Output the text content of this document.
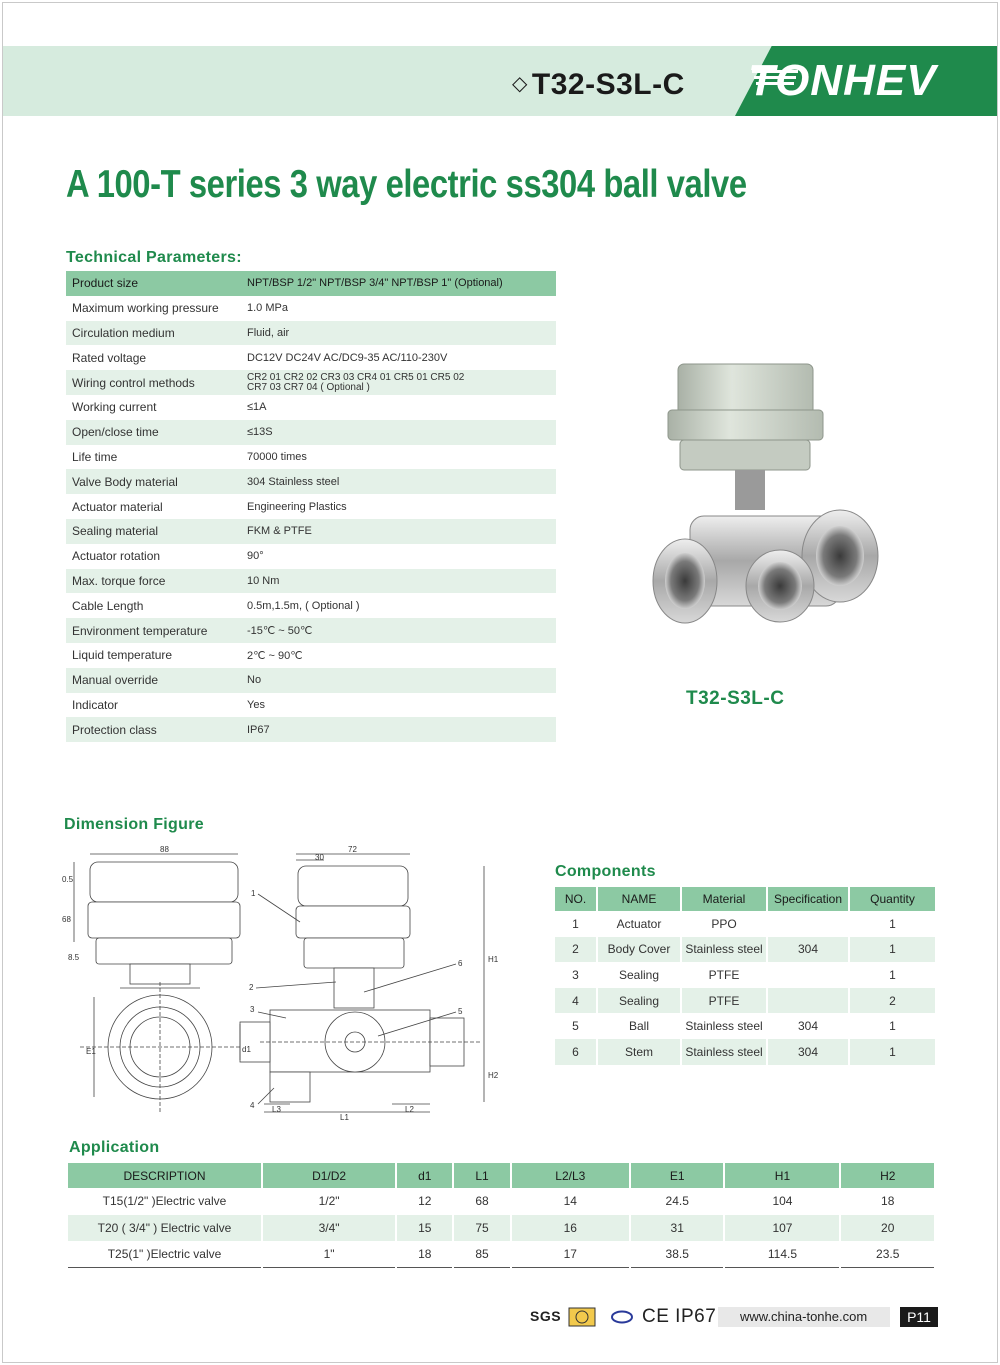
◇ T32-S3L-C TONHEV
A 100-T series 3 way electric ss304 ball valve
Technical Parameters:
Product size	NPT/BSP 1/2" NPT/BSP 3/4" NPT/BSP 1" (Optional)
Maximum working pressure	1.0 MPa
Circulation medium	Fluid, air
Rated voltage	DC12V DC24V AC/DC9-35 AC/110-230V
Wiring control methods	CR2 01 CR2 02 CR3 03 CR4 01 CR5 01 CR5 02
CR7 03 CR7 04 ( Optional )

Working current	≤1A
Open/close time	≤13S
Life time	70000 times
Valve Body material	304 Stainless steel
Actuator material	Engineering Plastics
Sealing material	FKM & PTFE
Actuator rotation	90°
Max. torque force	10 Nm
Cable Length	0.5m,1.5m, ( Optional )
Environment temperature	-15℃ ~ 50℃
Liquid temperature	2℃ ~ 90℃
Manual override	No
Indicator	Yes
Protection class	IP67
T32-S3L-C
Dimension Figure
88
0.5
68
8.5
E1
72
30
H1
H2
d1
L1
L3	L2
1
2
3
4
5
6
Components
NO.	NAME	Material	Specification	Quantity
1	Actuator	PPO		1
2	Body Cover	Stainless steel	304	1
3	Sealing	PTFE		1
4	Sealing	PTFE		2
5	Ball	Stainless steel	304	1
6	Stem	Stainless steel	304	1
Application
DESCRIPTION	D1/D2	d1	L1	L2/L3	E1	H1	H2
T15(1/2" )Electric valve	1/2"	12	68	14	24.5	104	18
T20 ( 3/4" ) Electric valve	3/4"	15	75	16	31	107	20
T25(1" )Electric valve	1"	18	85	17	38.5	114.5	23.5
SGS	CE IP67	www.china-tonhe.com	P11
